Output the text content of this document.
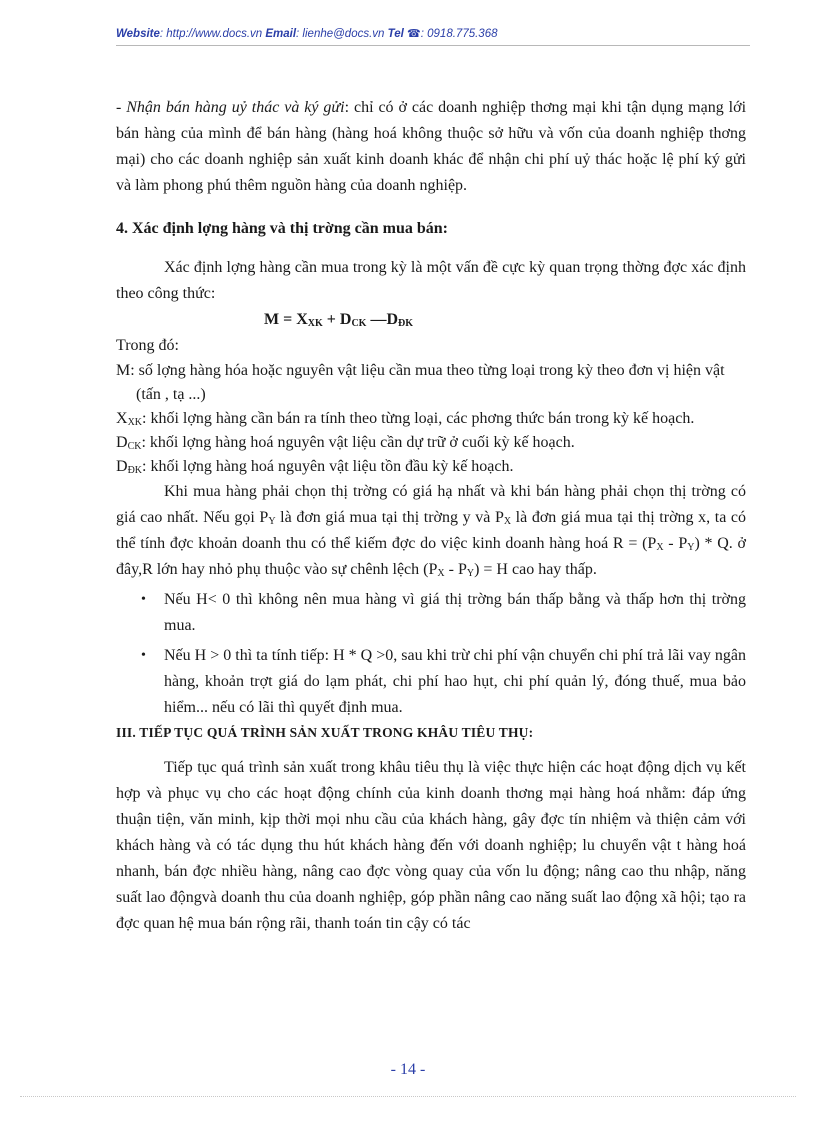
Website: http://www.docs.vn Email: lienhe@docs.vn Tel ☎: 0918.775.368

- Nhận bán hàng uỷ thác và ký gửi: chỉ có ở các doanh nghiệp thơng mại khi tận dụng mạng lới bán hàng của mình để bán hàng (hàng hoá không thuộc sở hữu và vốn của doanh nghiệp thơng mại) cho các doanh nghiệp sản xuất kinh doanh khác để nhận chi phí uỷ thác hoặc lệ phí ký gửi và làm phong phú thêm nguồn hàng của doanh nghiệp.

4. Xác định lợng hàng và thị trờng cần mua bán:

Xác định lợng hàng cần mua trong kỳ là một vấn đề cực kỳ quan trọng thờng đợc xác định theo công thức:

$M = X_{XK} + D_{CK}$ $—D_{ĐK}$

Trong đó:

M: số lợng hàng hóa hoặc nguyên vật liệu cần mua theo từng loại trong kỳ theo đơn vị hiện vật (tấn , tạ ...)

$X_{XK}$: khối lợng hàng cần bán ra tính theo từng loại, các phơng thức bán trong kỳ kế hoạch.

$D_{CK}$: khối lợng hàng hoá nguyên vật liệu cần dự trữ ở cuối kỳ kế hoạch.

$D_{ĐK}$: khối lợng hàng hoá nguyên vật liệu tồn đầu kỳ kế hoạch.

Khi mua hàng phải chọn thị trờng có giá hạ nhất và khi bán hàng phải chọn thị trờng có giá cao nhất. Nếu gọi $P_Y$ là đơn giá mua tại thị trờng y và $P_X$ là đơn giá mua tại thị trờng x, ta có thể tính đợc khoản doanh thu có thể kiếm đợc do việc kinh doanh hàng hoá $R = (P_X - P_Y) * Q$. ở đây,R lớn hay nhỏ phụ thuộc vào sự chênh lệch $(P_X - P_Y) = H$ cao hay thấp.

• Nếu H< 0 thì không nên mua hàng vì giá thị trờng bán thấp bằng và thấp hơn thị trờng mua.
• Nếu H > 0 thì ta tính tiếp: H * Q >0, sau khi trừ chi phí vận chuyển chi phí trả lãi vay ngân hàng, khoản trợt giá do lạm phát, chi phí hao hụt, chi phí quản lý, đóng thuế, mua bảo hiểm... nếu có lãi thì quyết định mua.

III. TIẾP TỤC QUÁ TRÌNH SẢN XUẤT TRONG KHÂU TIÊU THỤ:

Tiếp tục quá trình sản xuất trong khâu tiêu thụ là việc thực hiện các hoạt động dịch vụ kết hợp và phục vụ cho các hoạt động chính của kinh doanh thơng mại hàng hoá nhằm: đáp ứng thuận tiện, văn minh, kịp thời mọi nhu cầu của khách hàng, gây đợc tín nhiệm và thiện cảm với khách hàng và có tác dụng thu hút khách hàng đến với doanh nghiệp; lu chuyển vật t hàng hoá nhanh, bán đợc nhiều hàng, nâng cao đợc vòng quay của vốn lu động; nâng cao thu nhập, năng suất lao độngvà doanh thu của doanh nghiệp, góp phần nâng cao năng suất lao động xã hội; tạo ra đợc quan hệ mua bán rộng rãi, thanh toán tin cậy có tác

- 14 -
